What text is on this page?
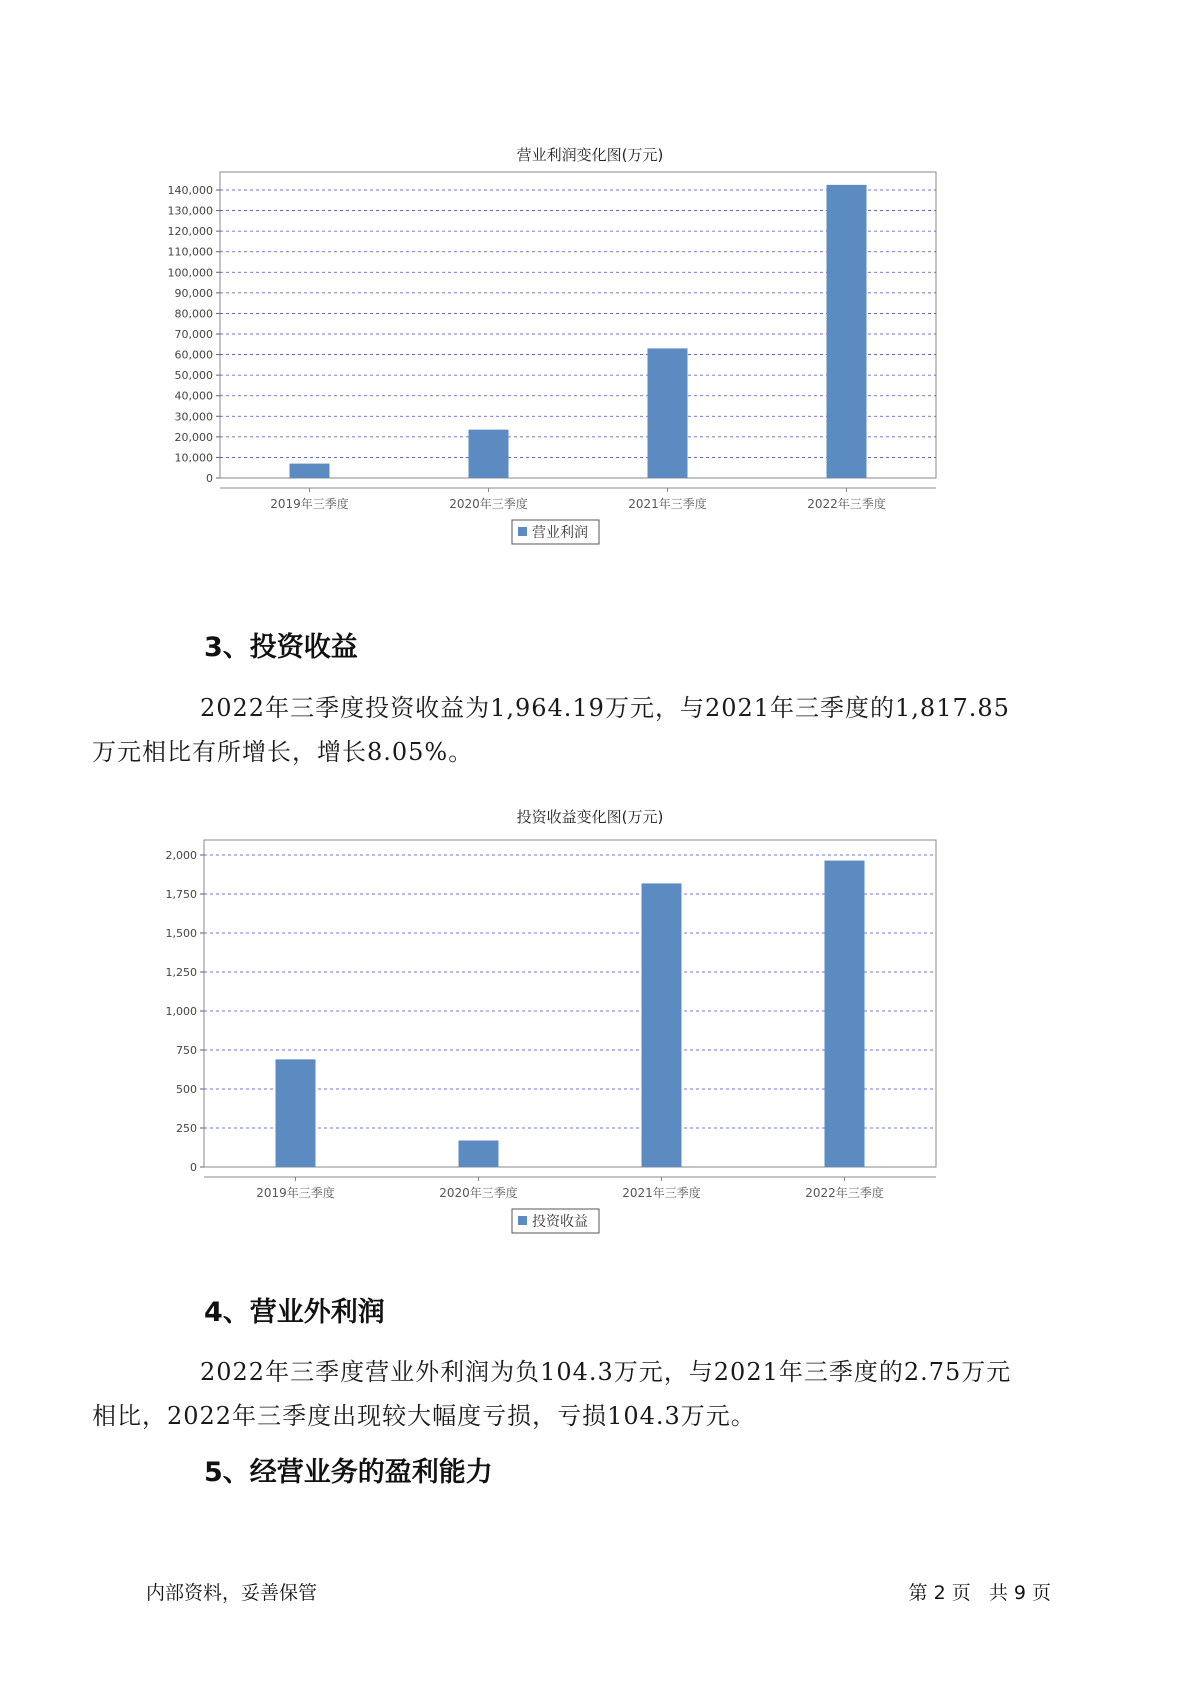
营业利润变化图(万元)
0
10,000
20,000
30,000
40,000
50,000
60,000
70,000
80,000
90,000
100,000
110,000
120,000
130,000
140,000
2019年三季度	2020年三季度	2021年三季度	2022年三季度
营业利润
3、投资收益

2022年三季度投资收益为1,964.19万元，与2021年三季度的1,817.85
万元相比有所增长，增长8.05%。

投资收益变化图(万元)
0
250
500
750
1,000
1,250
1,500
1,750
2,000
2019年三季度	2020年三季度	2021年三季度	2022年三季度
投资收益
4、营业外利润

2022年三季度营业外利润为负104.3万元，与2021年三季度的2.75万元
相比，2022年三季度出现较大幅度亏损，亏损104.3万元。

5、经营业务的盈利能力
内部资料，妥善保管	第 2 页   共 9 页
